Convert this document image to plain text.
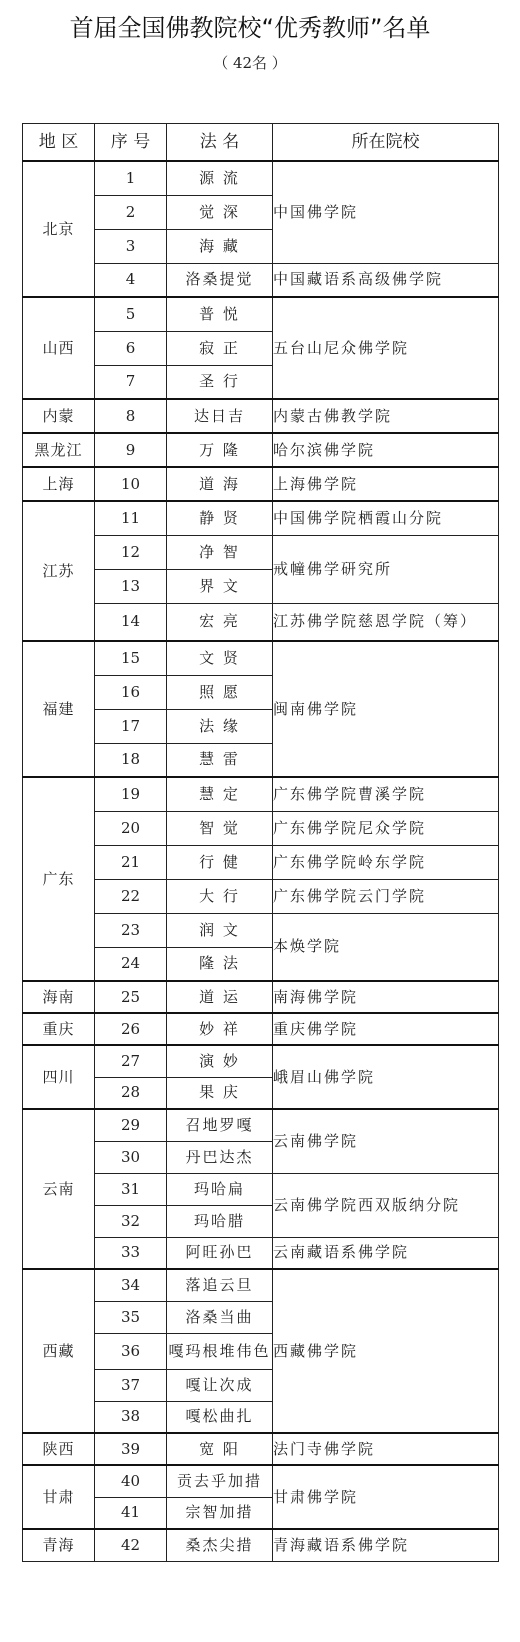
首届全国佛教院校“优秀教师”名单
（ 42名 ）
地 区	序 号	法 名	所在院校
北京	1	源 流	中国佛学院
	2	觉 深	
	3	海 藏	
	4	洛桑提觉	中国藏语系高级佛学院
山西	5	普 悦	五台山尼众佛学院
	6	寂 正	
	7	圣 行	
内蒙	8	达日吉	内蒙古佛教学院
黑龙江	9	万 隆	哈尔滨佛学院
上海	10	道 海	上海佛学院
江苏	11	静 贤	中国佛学院栖霞山分院
	12	净 智	戒幢佛学研究所
	13	界 文	
	14	宏 亮	江苏佛学院慈恩学院（筹）
福建	15	文 贤	闽南佛学院
	16	照 愿	
	17	法 缘	
	18	慧 雷	
广东	19	慧 定	广东佛学院曹溪学院
	20	智 觉	广东佛学院尼众学院
	21	行 健	广东佛学院岭东学院
	22	大 行	广东佛学院云门学院
	23	润 文	本焕学院
	24	隆 法	
海南	25	道 运	南海佛学院
重庆	26	妙 祥	重庆佛学院
四川	27	演 妙	峨眉山佛学院
	28	果 庆	
云南	29	召地罗嘎	云南佛学院
	30	丹巴达杰	
	31	玛哈扁	云南佛学院西双版纳分院
	32	玛哈腊	
	33	阿旺孙巴	云南藏语系佛学院
西藏	34	落追云旦	西藏佛学院
	35	洛桑当曲	
	36	嘎玛根堆伟色	
	37	嘎让次成	
	38	嘎松曲扎	
陕西	39	宽 阳	法门寺佛学院
甘肃	40	贡去乎加措	甘肃佛学院
	41	宗智加措	
青海	42	桑杰尖措	青海藏语系佛学院
